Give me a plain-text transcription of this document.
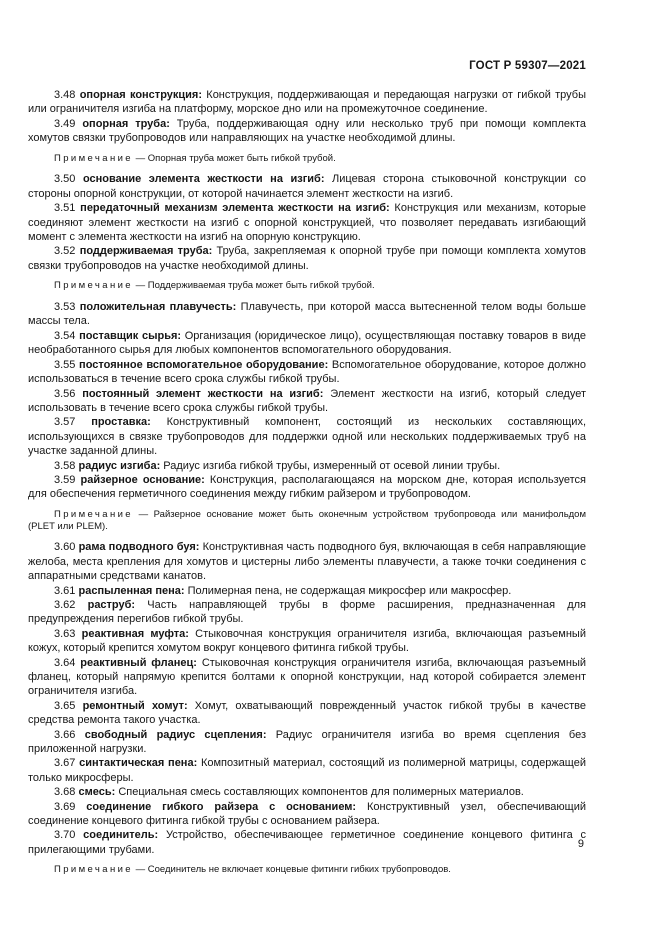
ГОСТ Р 59307—2021

3.48 опорная конструкция: Конструкция, поддерживающая и передающая нагрузки от гибкой трубы или ограничителя изгиба на платформу, морское дно или на промежуточное соединение.

3.49 опорная труба: Труба, поддерживающая одну или несколько труб при помощи комплекта хомутов связки трубопроводов или направляющих на участке необходимой длины.

Примечание — Опорная труба может быть гибкой трубой.

3.50 основание элемента жесткости на изгиб: Лицевая сторона стыковочной конструкции со стороны опорной конструкции, от которой начинается элемент жесткости на изгиб.

3.51 передаточный механизм элемента жесткости на изгиб: Конструкция или механизм, которые соединяют элемент жесткости на изгиб с опорной конструкцией, что позволяет передавать изгибающий момент с элемента жесткости на изгиб на опорную конструкцию.

3.52 поддерживаемая труба: Труба, закрепляемая к опорной трубе при помощи комплекта хомутов связки трубопроводов на участке необходимой длины.

Примечание — Поддерживаемая труба может быть гибкой трубой.

3.53 положительная плавучесть: Плавучесть, при которой масса вытесненной телом воды больше массы тела.

3.54 поставщик сырья: Организация (юридическое лицо), осуществляющая поставку товаров в виде необработанного сырья для любых компонентов вспомогательного оборудования.

3.55 постоянное вспомогательное оборудование: Вспомогательное оборудование, которое должно использоваться в течение всего срока службы гибкой трубы.

3.56 постоянный элемент жесткости на изгиб: Элемент жесткости на изгиб, который следует использовать в течение всего срока службы гибкой трубы.

3.57 проставка: Конструктивный компонент, состоящий из нескольких составляющих, использующихся в связке трубопроводов для поддержки одной или нескольких поддерживаемых труб на участке заданной длины.

3.58 радиус изгиба: Радиус изгиба гибкой трубы, измеренный от осевой линии трубы.

3.59 райзерное основание: Конструкция, располагающаяся на морском дне, которая используется для обеспечения герметичного соединения между гибким райзером и трубопроводом.

Примечание — Райзерное основание может быть оконечным устройством трубопровода или манифольдом (PLET или PLEM).

3.60 рама подводного буя: Конструктивная часть подводного буя, включающая в себя направляющие желоба, места крепления для хомутов и цистерны либо элементы плавучести, а также точки соединения с аппаратными средствами канатов.

3.61 распыленная пена: Полимерная пена, не содержащая микросфер или макросфер.

3.62 раструб: Часть направляющей трубы в форме расширения, предназначенная для предупреждения перегибов гибкой трубы.

3.63 реактивная муфта: Стыковочная конструкция ограничителя изгиба, включающая разъемный кожух, который крепится хомутом вокруг концевого фитинга гибкой трубы.

3.64 реактивный фланец: Стыковочная конструкция ограничителя изгиба, включающая разъемный фланец, который напрямую крепится болтами к опорной конструкции, над которой собирается элемент ограничителя изгиба.

3.65 ремонтный хомут: Хомут, охватывающий поврежденный участок гибкой трубы в качестве средства ремонта такого участка.

3.66 свободный радиус сцепления: Радиус ограничителя изгиба во время сцепления без приложенной нагрузки.

3.67 синтактическая пена: Композитный материал, состоящий из полимерной матрицы, содержащей только микросферы.

3.68 смесь: Специальная смесь составляющих компонентов для полимерных материалов.

3.69 соединение гибкого райзера с основанием: Конструктивный узел, обеспечивающий соединение концевого фитинга гибкой трубы с основанием райзера.

3.70 соединитель: Устройство, обеспечивающее герметичное соединение концевого фитинга с прилегающими трубами.

Примечание — Соединитель не включает концевые фитинги гибких трубопроводов.

9
